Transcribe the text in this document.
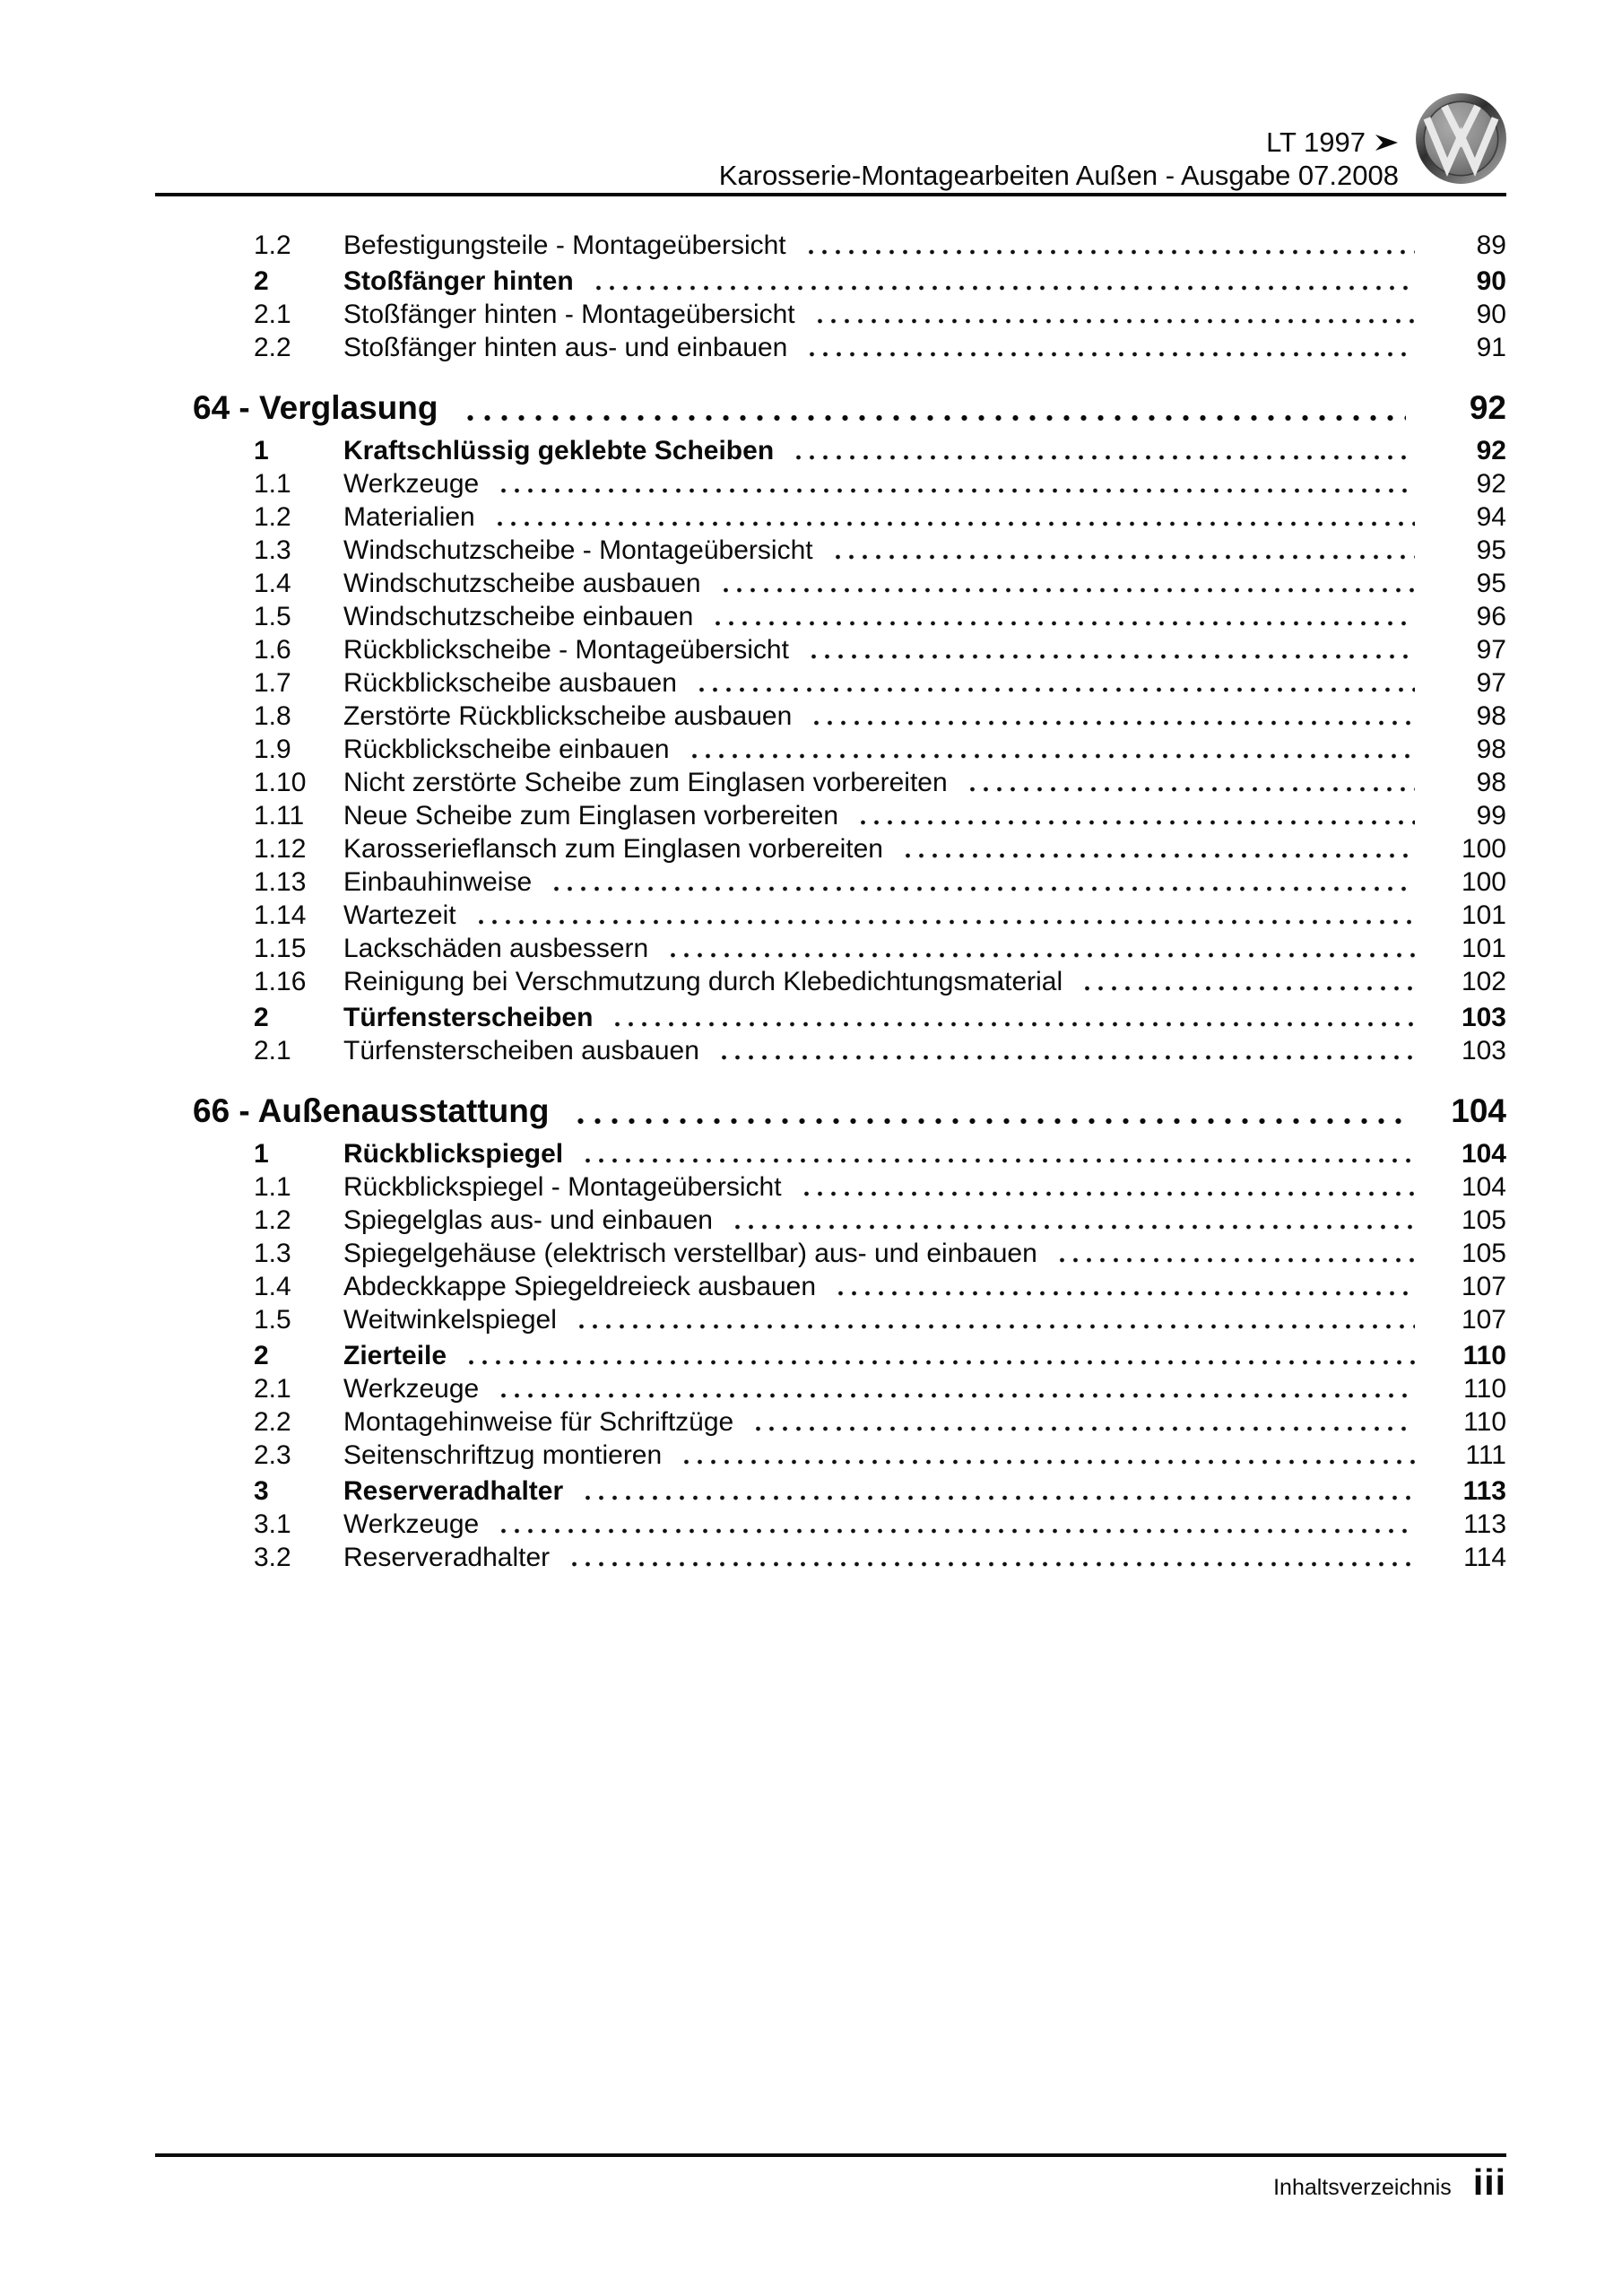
LT 1997
Karosserie-Montagearbeiten Außen - Ausgabe 07.2008
1.2	Befestigungsteile - Montageübersicht	89
2	Stoßfänger hinten	90
2.1	Stoßfänger hinten - Montageübersicht	90
2.2	Stoßfänger hinten aus- und einbauen	91
64 - Verglasung	92
1	Kraftschlüssig geklebte Scheiben	92
1.1	Werkzeuge	92
1.2	Materialien	94
1.3	Windschutzscheibe - Montageübersicht	95
1.4	Windschutzscheibe ausbauen	95
1.5	Windschutzscheibe einbauen	96
1.6	Rückblickscheibe - Montageübersicht	97
1.7	Rückblickscheibe ausbauen	97
1.8	Zerstörte Rückblickscheibe ausbauen	98
1.9	Rückblickscheibe einbauen	98
1.10	Nicht zerstörte Scheibe zum Einglasen vorbereiten	98
1.11	Neue Scheibe zum Einglasen vorbereiten	99
1.12	Karosserieflansch zum Einglasen vorbereiten	100
1.13	Einbauhinweise	100
1.14	Wartezeit	101
1.15	Lackschäden ausbessern	101
1.16	Reinigung bei Verschmutzung durch Klebedichtungsmaterial	102
2	Türfensterscheiben	103
2.1	Türfensterscheiben ausbauen	103
66 - Außenausstattung	104
1	Rückblickspiegel	104
1.1	Rückblickspiegel - Montageübersicht	104
1.2	Spiegelglas aus- und einbauen	105
1.3	Spiegelgehäuse (elektrisch verstellbar) aus- und einbauen	105
1.4	Abdeckkappe Spiegeldreieck ausbauen	107
1.5	Weitwinkelspiegel	107
2	Zierteile	110
2.1	Werkzeuge	110
2.2	Montagehinweise für Schriftzüge	110
2.3	Seitenschriftzug montieren	111
3	Reserveradhalter	113
3.1	Werkzeuge	113
3.2	Reserveradhalter	114
Inhaltsverzeichnis iii
